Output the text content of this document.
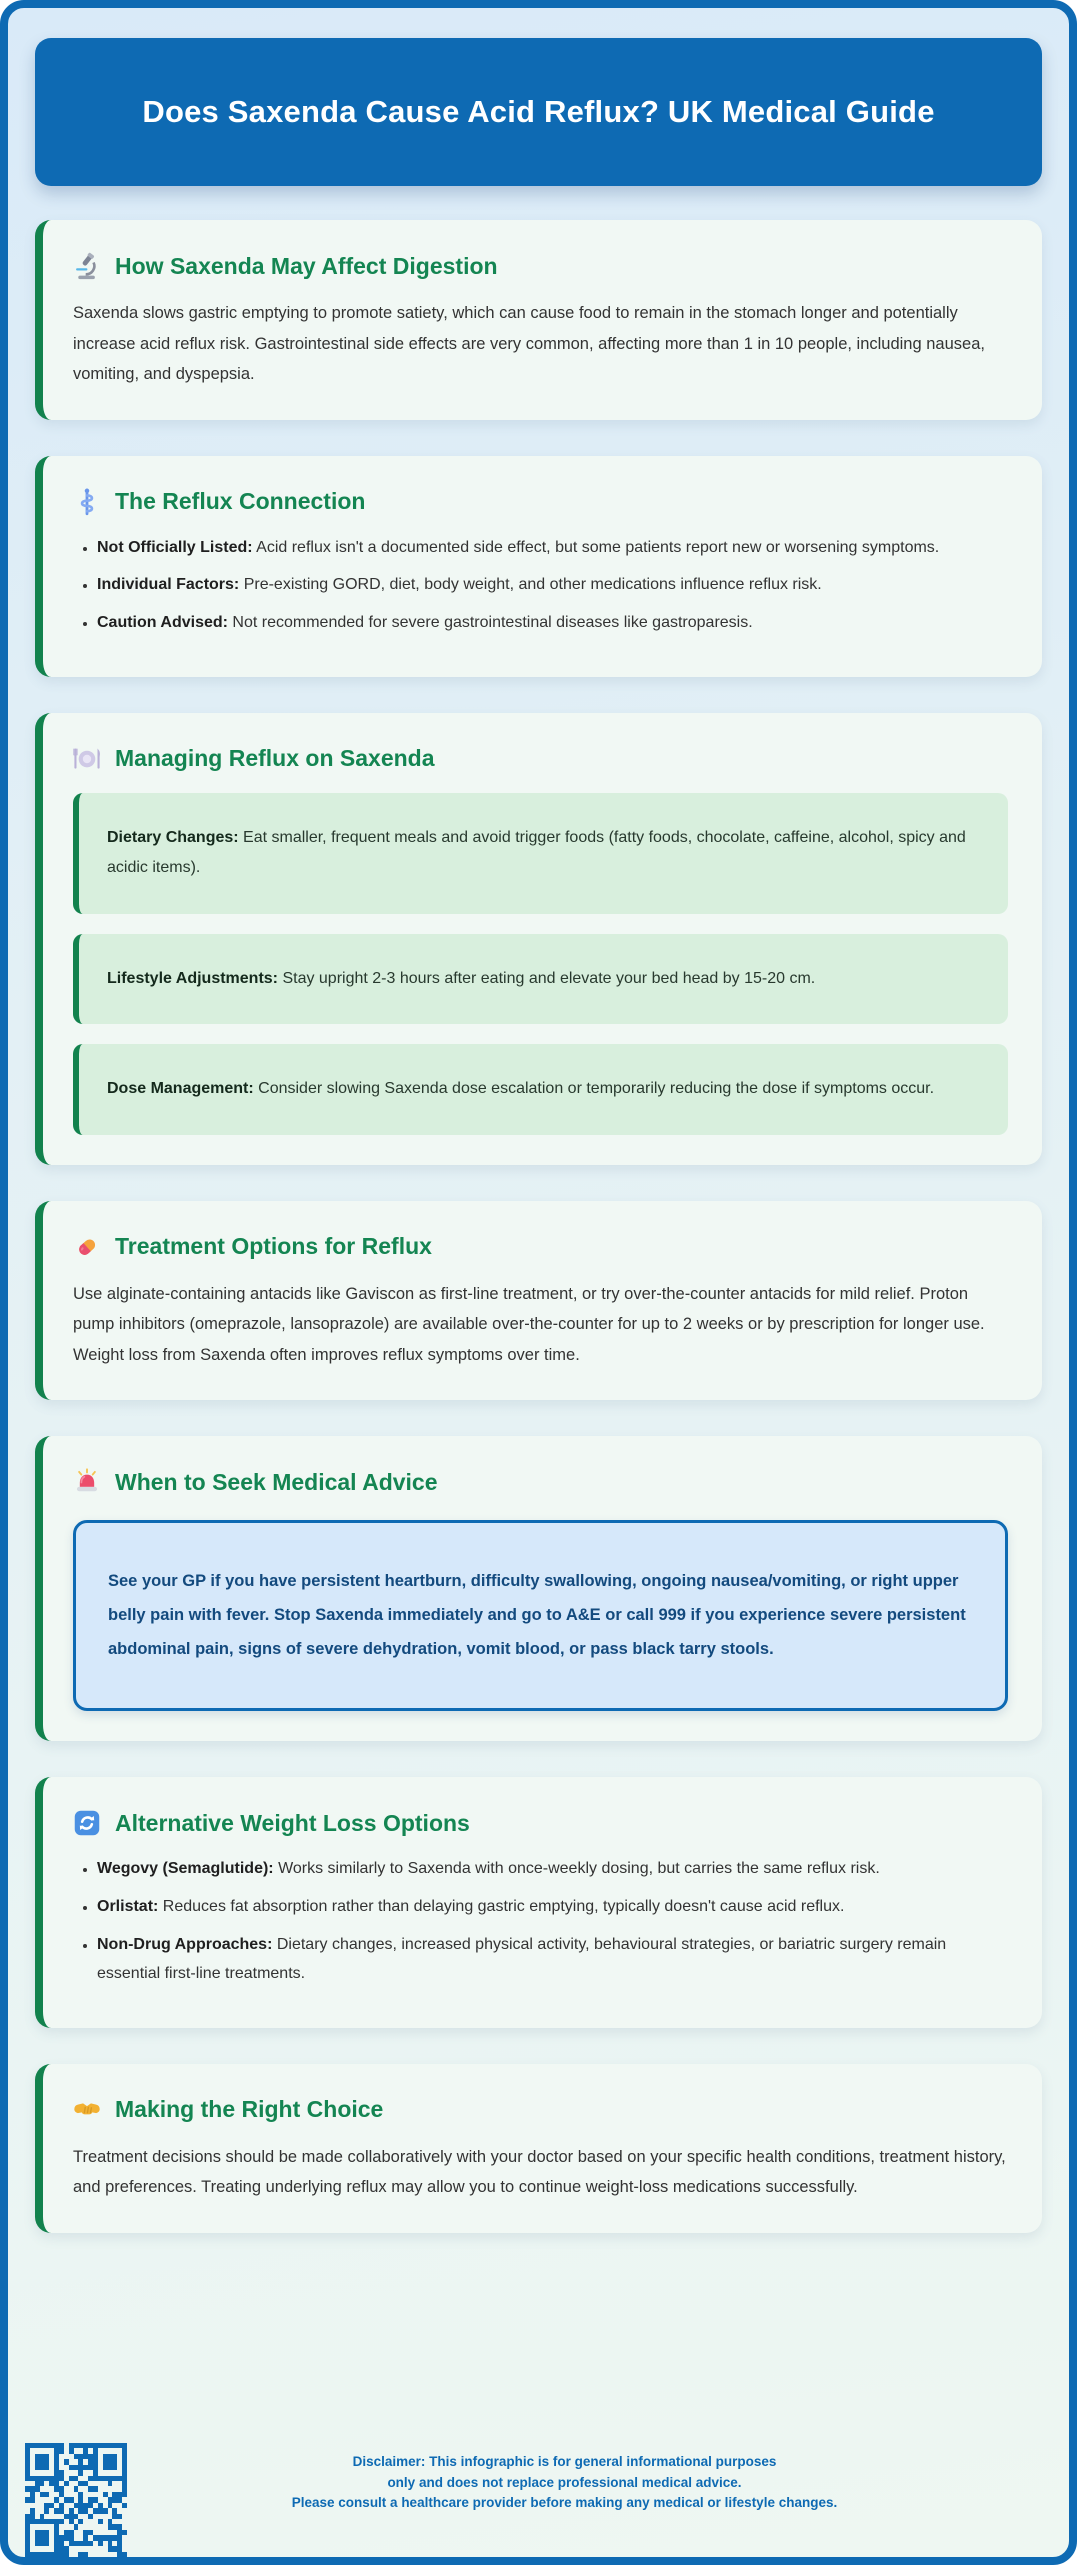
Does Saxenda Cause Acid Reflux? UK Medical Guide
How Saxenda May Affect Digestion

Saxenda slows gastric emptying to promote satiety, which can cause food to remain in the stomach longer and potentially increase acid reflux risk. Gastrointestinal side effects are very common, affecting more than 1 in 10 people, including nausea, vomiting, and dyspepsia.

The Reflux Connection
• Not Officially Listed: Acid reflux isn't a documented side effect, but some patients report new or worsening symptoms.
• Individual Factors: Pre-existing GORD, diet, body weight, and other medications influence reflux risk.
• Caution Advised: Not recommended for severe gastrointestinal diseases like gastroparesis.
Managing Reflux on Saxenda
Dietary Changes: Eat smaller, frequent meals and avoid trigger foods (fatty foods, chocolate, caffeine, alcohol, spicy and acidic items).
Lifestyle Adjustments: Stay upright 2-3 hours after eating and elevate your bed head by 15-20 cm.
Dose Management: Consider slowing Saxenda dose escalation or temporarily reducing the dose if symptoms occur.
Treatment Options for Reflux

Use alginate-containing antacids like Gaviscon as first-line treatment, or try over-the-counter antacids for mild relief. Proton pump inhibitors (omeprazole, lansoprazole) are available over-the-counter for up to 2 weeks or by prescription for longer use. Weight loss from Saxenda often improves reflux symptoms over time.

When to Seek Medical Advice
See your GP if you have persistent heartburn, difficulty swallowing, ongoing nausea/vomiting, or right upper belly pain with fever. Stop Saxenda immediately and go to A&E or call 999 if you experience severe persistent abdominal pain, signs of severe dehydration, vomit blood, or pass black tarry stools.
Alternative Weight Loss Options
• Wegovy (Semaglutide): Works similarly to Saxenda with once-weekly dosing, but carries the same reflux risk.
• Orlistat: Reduces fat absorption rather than delaying gastric emptying, typically doesn't cause acid reflux.
• Non-Drug Approaches: Dietary changes, increased physical activity, behavioural strategies, or bariatric surgery remain essential first-line treatments.
Making the Right Choice

Treatment decisions should be made collaboratively with your doctor based on your specific health conditions, treatment history, and preferences. Treating underlying reflux may allow you to continue weight-loss medications successfully.

Disclaimer: This infographic is for general informational purposes
only and does not replace professional medical advice.
Please consult a healthcare provider before making any medical or lifestyle changes.
